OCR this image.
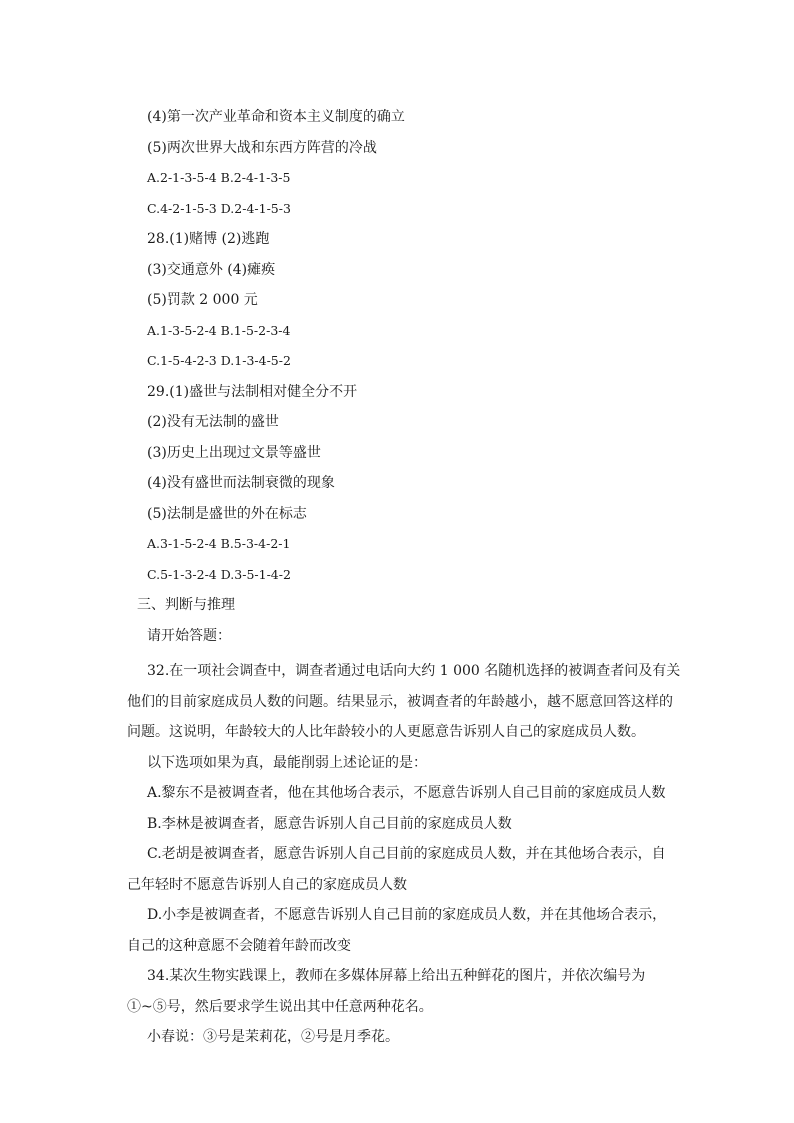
(4)第一次产业革命和资本主义制度的确立
(5)两次世界大战和东西方阵营的冷战
A.2-1-3-5-4 B.2-4-1-3-5
C.4-2-1-5-3 D.2-4-1-5-3
28.(1)赌博 (2)逃跑
(3)交通意外 (4)瘫痪
(5)罚款 2 000 元
A.1-3-5-2-4 B.1-5-2-3-4
C.1-5-4-2-3 D.1-3-4-5-2
29.(1)盛世与法制相对健全分不开
(2)没有无法制的盛世
(3)历史上出现过文景等盛世
(4)没有盛世而法制衰微的现象
(5)法制是盛世的外在标志
A.3-1-5-2-4 B.5-3-4-2-1
C.5-1-3-2-4 D.3-5-1-4-2
三、判断与推理
请开始答题：
32.在一项社会调查中，调查者通过电话向大约 1 000 名随机选择的被调查者问及有关
他们的目前家庭成员人数的问题。结果显示，被调查者的年龄越小，越不愿意回答这样的
问题。这说明，年龄较大的人比年龄较小的人更愿意告诉别人自己的家庭成员人数。
以下选项如果为真，最能削弱上述论证的是：
A.黎东不是被调查者，他在其他场合表示，不愿意告诉别人自己目前的家庭成员人数
B.李林是被调查者，愿意告诉别人自己目前的家庭成员人数
C.老胡是被调查者，愿意告诉别人自己目前的家庭成员人数，并在其他场合表示，自
己年轻时不愿意告诉别人自己的家庭成员人数
D.小李是被调查者，不愿意告诉别人自己目前的家庭成员人数，并在其他场合表示，
自己的这种意愿不会随着年龄而改变
34.某次生物实践课上，教师在多媒体屏幕上给出五种鲜花的图片，并依次编号为
①~⑤号，然后要求学生说出其中任意两种花名。
小春说：③号是茉莉花，②号是月季花。
